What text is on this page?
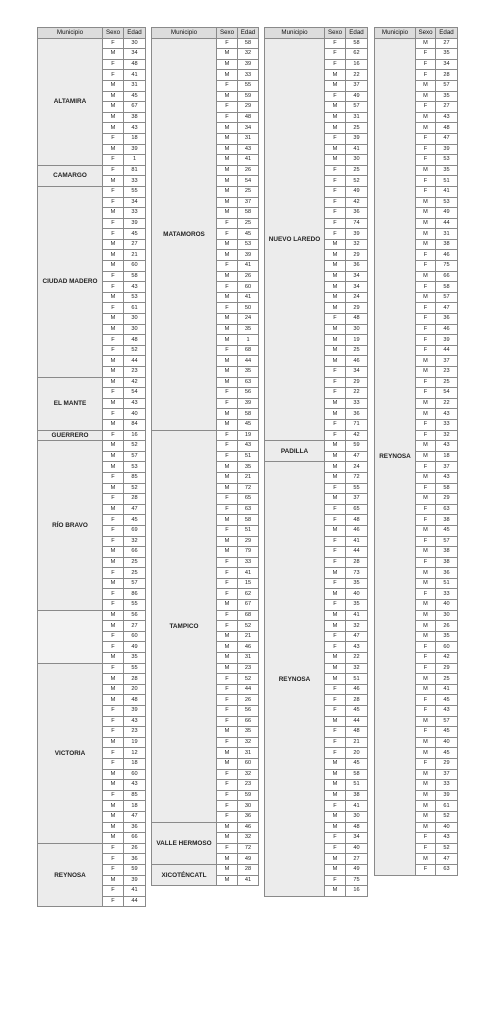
Municipio	Sexo	Edad
ALTAMIRA	F	30
	M	34
	F	48
	F	41
	M	31
	M	45
	M	67
	M	38
	M	43
	F	18
	M	39
	F	1
CAMARGO	F	81
	M	33
CIUDAD MADERO	F	55
	F	34
	M	33
	F	39
	F	45
	M	27
	M	21
	M	60
	F	58
	F	43
	M	53
	F	61
	M	30
	M	30
	F	48
	F	52
	M	44
	M	23
EL MANTE	M	42
	F	54
	M	43
	F	40
	M	84
GUERRERO	F	16
RÍO BRAVO	M	52
	M	57
	M	53
	F	85
	M	52
	F	28
	M	47
	F	45
	F	69
	F	32
	M	66
	M	25
	F	25
	M	57
	F	86
	F	55
	M	56
	M	27
	F	60
	F	49
	M	35
VICTORIA	F	55
	M	28
	M	20
	M	48
	F	39
	F	43
	F	23
	M	19
	F	12
	F	18
	M	60
	M	43
	F	85
	M	18
	M	47
	M	36
	M	66
REYNOSA	F	26
	F	36
	F	59
	M	39
	F	41
	F	44
Municipio	Sexo	Edad
MATAMOROS	F	58
	M	32
	M	39
	M	33
	F	55
	M	59
	F	29
	F	48
	M	34
	M	31
	M	43
	M	41
	M	26
	M	54
	M	25
	M	37
	M	58
	F	25
	F	45
	M	53
	M	39
	F	41
	M	26
	F	60
	M	41
	F	50
	M	24
	M	35
	M	1
	F	68
	M	44
	M	35
	M	63
	F	56
	F	39
	M	58
	M	45
TAMPICO	F	19
	F	43
	F	51
	M	35
	M	21
	M	72
	F	65
	F	63
	M	58
	F	51
	M	29
	M	79
	F	33
	F	41
	F	15
	F	62
	M	67
	F	68
	F	52
	M	21
	M	46
	M	31
	M	23
	F	52
	F	44
	F	26
	F	56
	F	66
	M	35
	F	32
	M	31
	M	60
	F	32
	F	23
	F	59
	F	30
	F	36
VALLE HERMOSO	M	46
	M	32
	F	72
	M	49
XICOTÉNCATL	M	28
	M	41
Municipio	Sexo	Edad
NUEVO LAREDO	F	58
	F	62
	F	16
	M	22
	M	37
	F	49
	M	57
	M	31
	M	25
	F	39
	M	41
	M	30
	F	25
	F	52
	F	49
	F	42
	F	36
	F	74
	F	39
	M	32
	M	29
	M	36
	M	34
	M	34
	M	24
	M	29
	F	48
	M	30
	M	19
	M	25
	M	46
	F	34
	F	29
	F	22
	M	33
	M	36
	F	71
	F	42
PADILLA	M	59
	M	47
REYNOSA	M	24
	M	72
	F	55
	M	37
	F	65
	F	48
	M	46
	F	41
	F	44
	F	28
	M	73
	F	35
	M	40
	F	35
	M	41
	M	32
	F	47
	F	43
	M	22
	M	32
	M	51
	F	46
	F	28
	F	45
	M	44
	F	48
	F	21
	F	20
	M	45
	M	58
	M	51
	M	38
	F	41
	M	30
	M	48
	F	34
	F	40
	M	27
	M	49
	F	75
	M	16
Municipio	Sexo	Edad
REYNOSA	M	27
	F	35
	F	34
	F	28
	M	57
	M	35
	F	27
	M	43
	M	48
	F	47
	F	39
	F	53
	M	35
	F	51
	F	41
	M	53
	M	49
	M	44
	M	31
	M	38
	F	46
	F	75
	M	66
	F	58
	M	57
	F	47
	F	36
	F	46
	F	39
	F	44
	M	37
	M	23
	F	25
	F	54
	M	22
	M	43
	F	33
	F	32
	M	43
	M	18
	F	37
	M	43
	F	58
	M	29
	F	63
	F	38
	M	45
	F	57
	M	38
	F	38
	M	36
	M	51
	F	33
	M	40
	M	30
	M	26
	M	35
	F	60
	F	42
	F	29
	M	25
	M	41
	F	45
	F	43
	M	57
	F	45
	M	40
	M	45
	F	29
	M	37
	M	33
	M	39
	M	61
	M	52
	M	40
	F	43
	F	52
	M	47
	F	63
